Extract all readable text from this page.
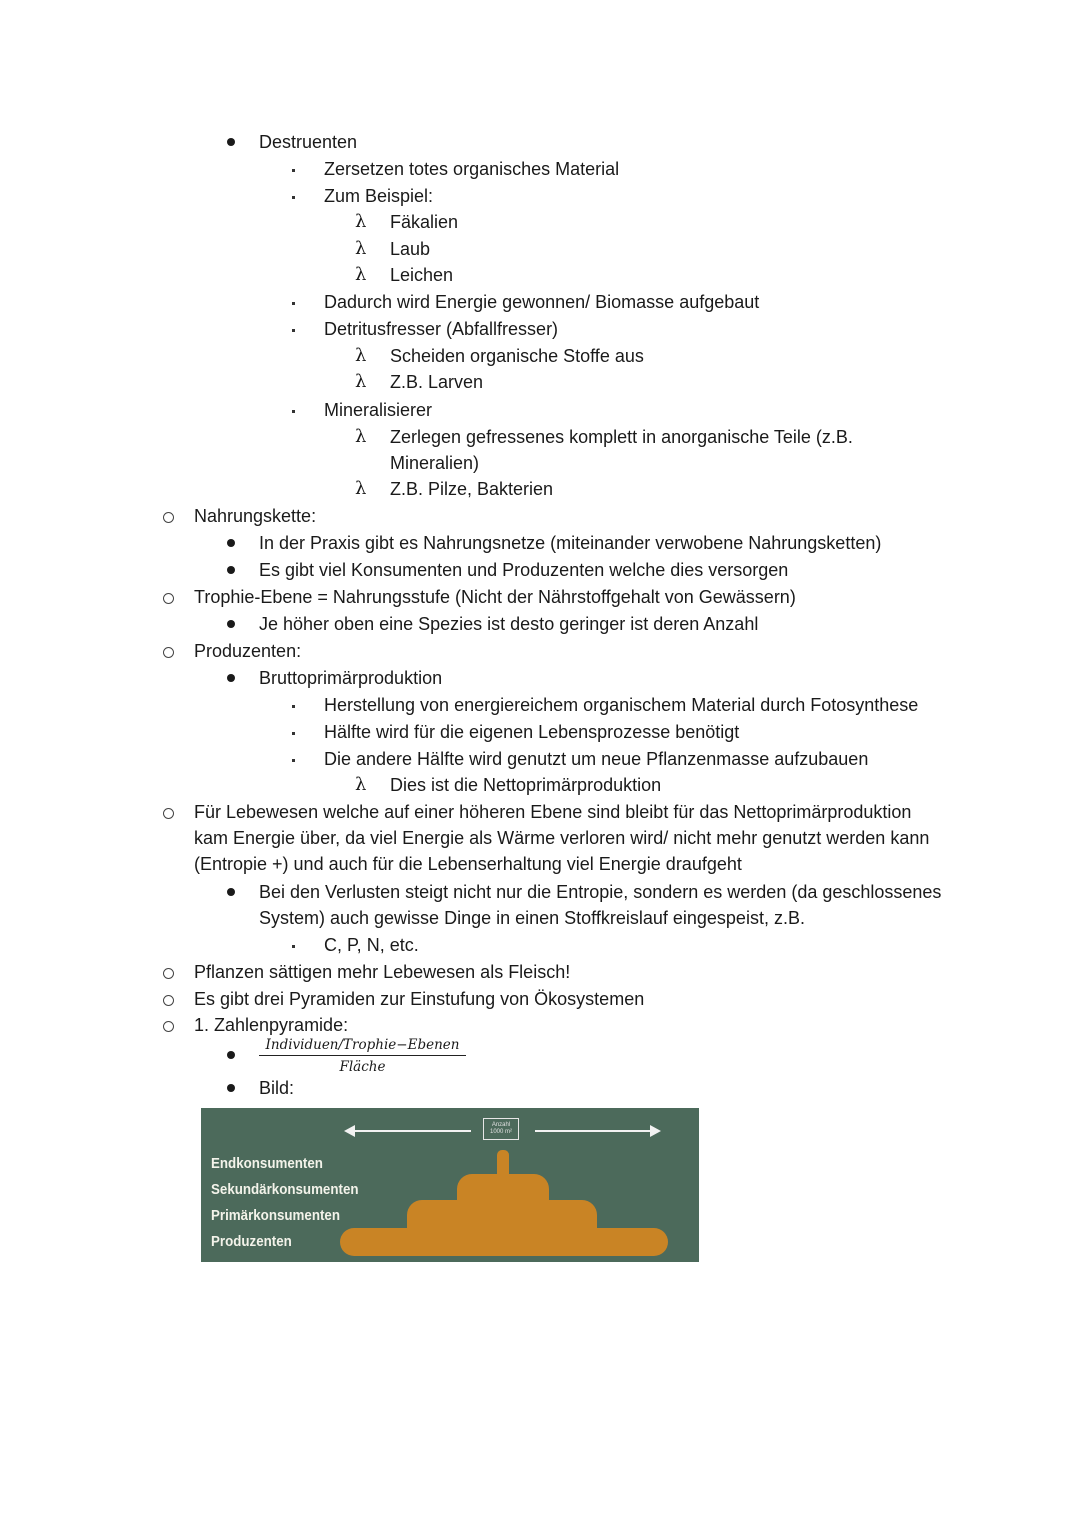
Destruenten
Zersetzen totes organisches Material
Zum Beispiel:
λ Fäkalien
λ Laub
λ Leichen
Dadurch wird Energie gewonnen/ Biomasse aufgebaut
Detritusfresser (Abfallfresser)
λ Scheiden organische Stoffe aus
λ Z.B. Larven
Mineralisierer
λ Zerlegen gefressenes komplett in anorganische Teile (z.B.
Mineralien)
λ Z.B. Pilze, Bakterien
Nahrungskette:
In der Praxis gibt es Nahrungsnetze (miteinander verwobene Nahrungsketten)
Es gibt viel Konsumenten und Produzenten welche dies versorgen
Trophie-Ebene = Nahrungsstufe (Nicht der Nährstoffgehalt von Gewässern)
Je höher oben eine Spezies ist desto geringer ist deren Anzahl
Produzenten:
Bruttoprimärproduktion
Herstellung von energiereichem organischem Material durch Fotosynthese
Hälfte wird für die eigenen Lebensprozesse benötigt
Die andere Hälfte wird genutzt um neue Pflanzenmasse aufzubauen
λ Dies ist die Nettoprimärproduktion
Für Lebewesen welche auf einer höheren Ebene sind bleibt für das Nettoprimärproduktion
kam Energie über, da viel Energie als Wärme verloren wird/ nicht mehr genutzt werden kann
(Entropie +) und auch für die Lebenserhaltung viel Energie draufgeht
Bei den Verlusten steigt nicht nur die Entropie, sondern es werden (da geschlossenes
System) auch gewisse Dinge in einen Stoffkreislauf eingespeist, z.B.
C, P, N, etc.
Pflanzen sättigen mehr Lebewesen als Fleisch!
Es gibt drei Pyramiden zur Einstufung von Ökosystemen
1. Zahlenpyramide:
Individuen/Trophie−Ebenen
Fläche
Bild:
Anzahl
1000 m²
Endkonsumenten
Sekundärkonsumenten
Primärkonsumenten
Produzenten
